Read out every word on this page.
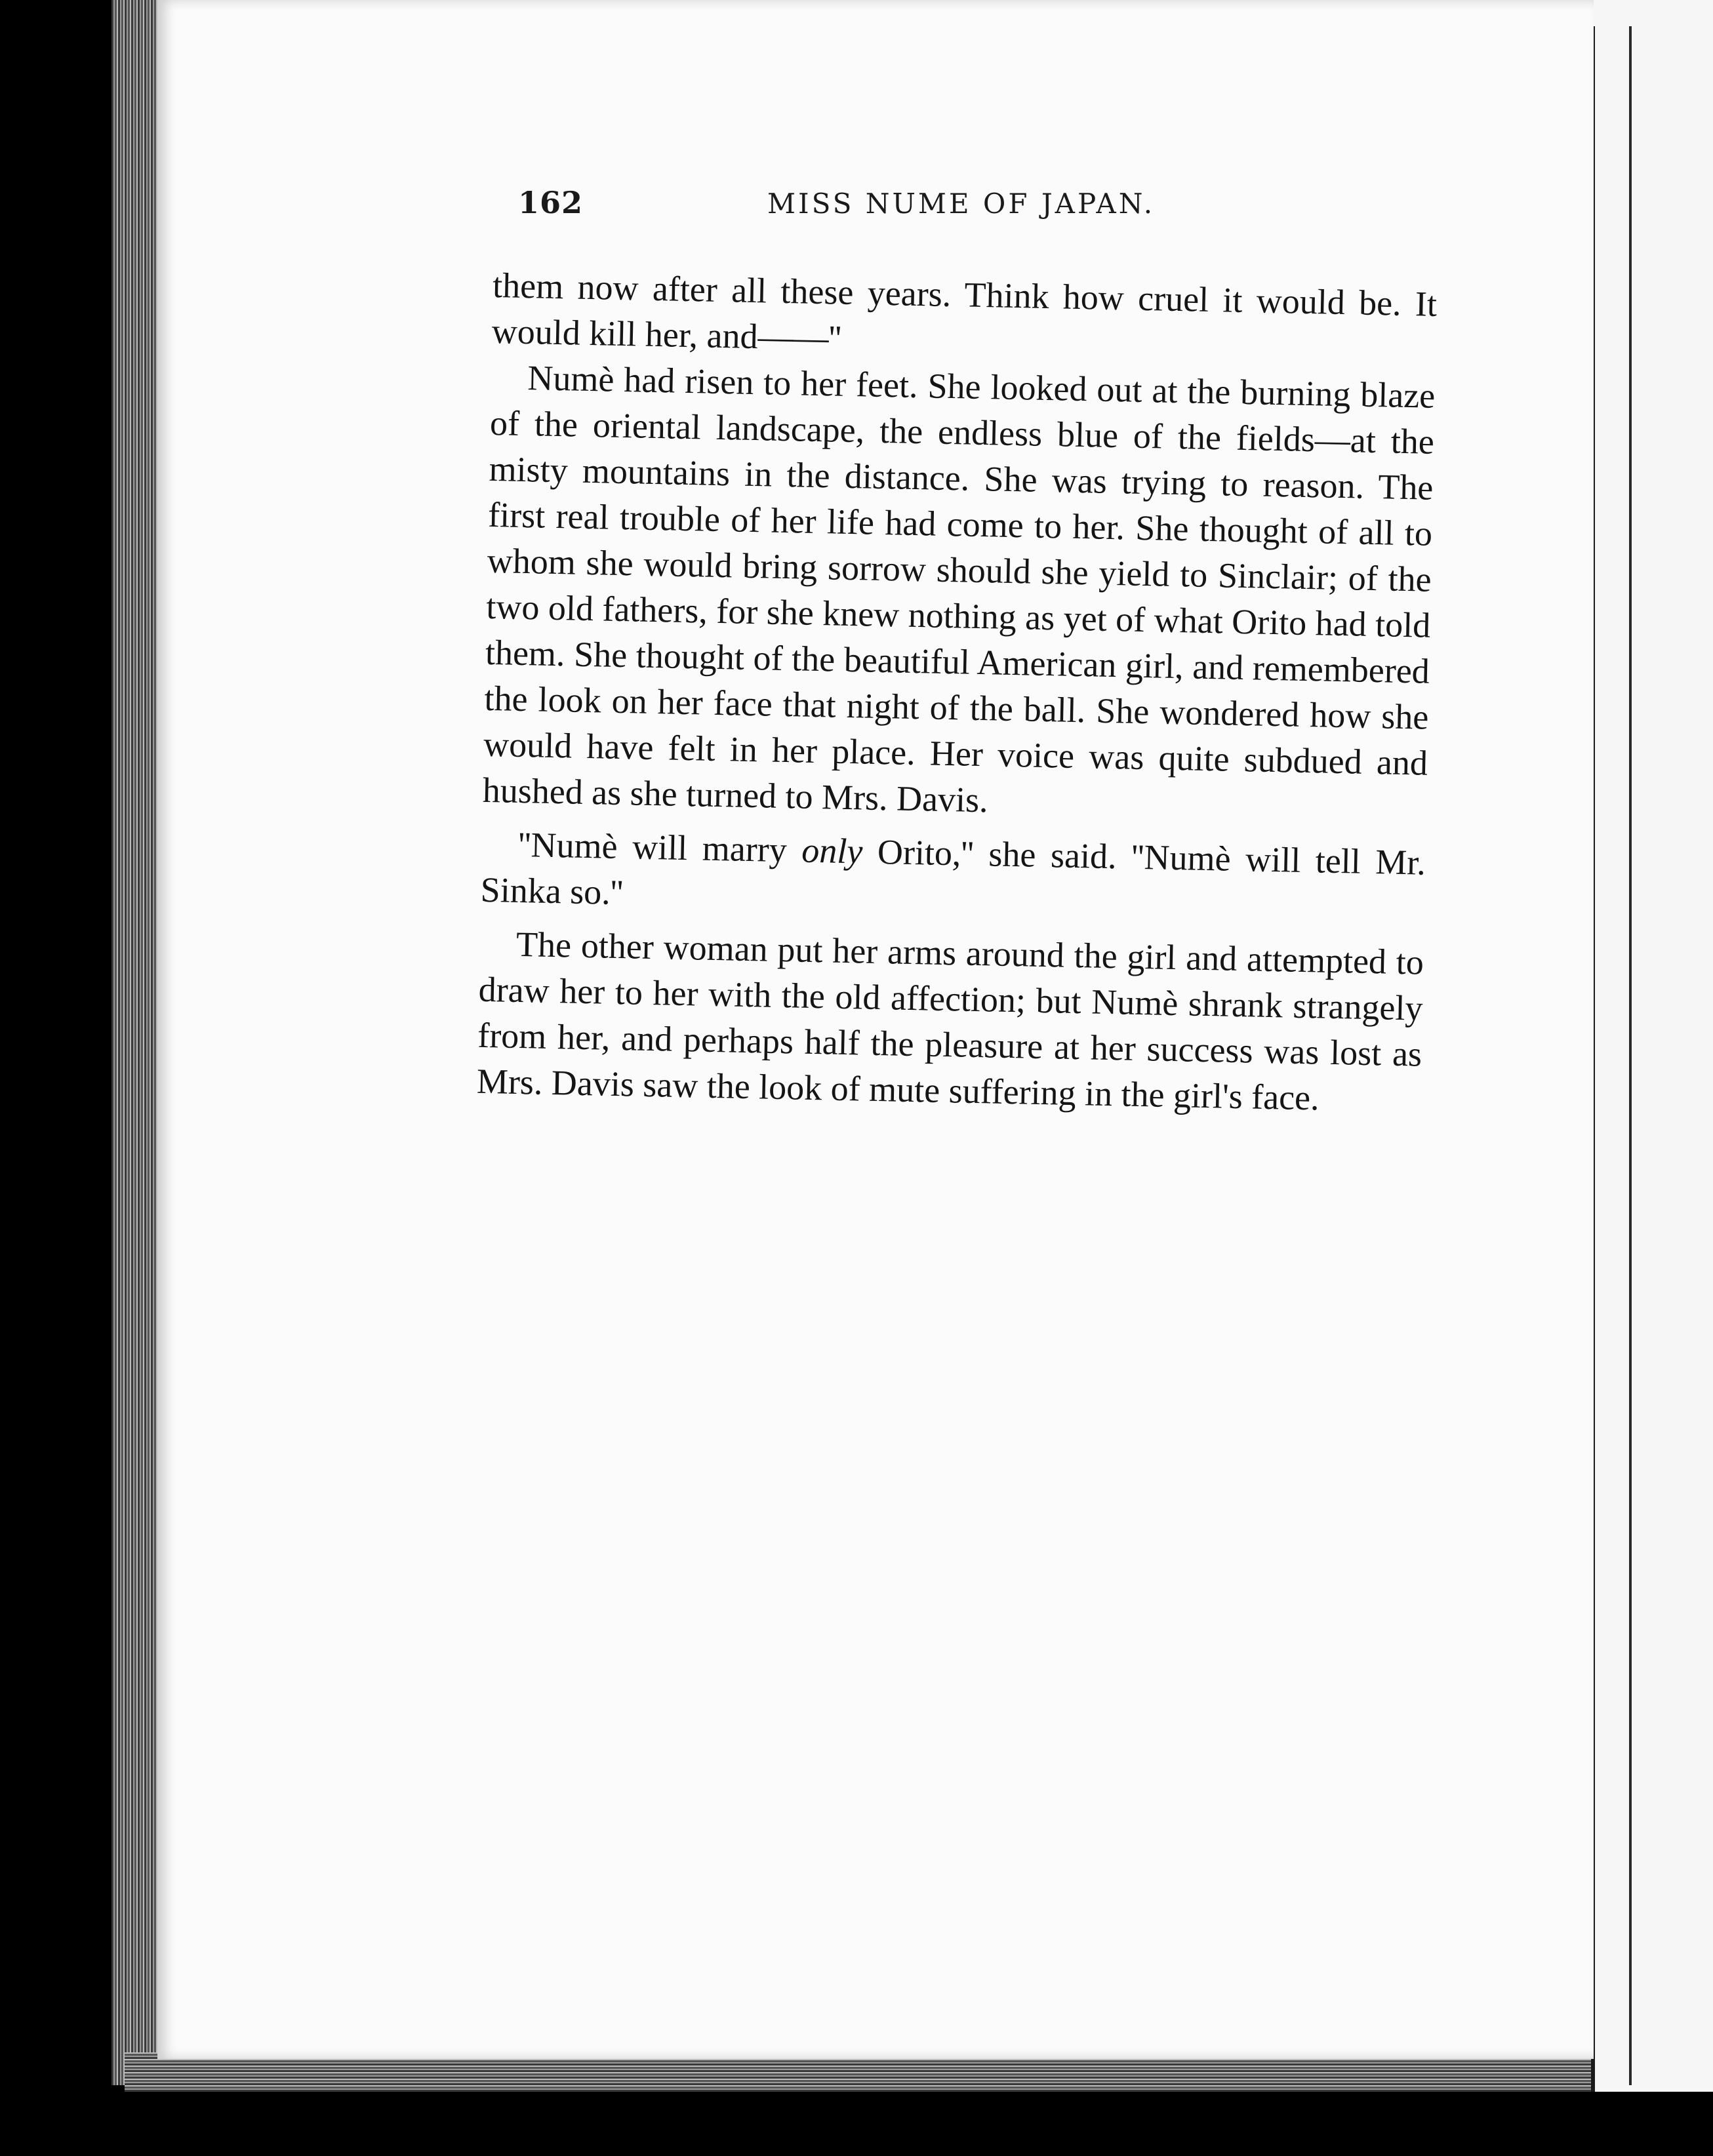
162	MISS NUME OF JAPAN.

them now after all these years. Think how cruel it would be. It would kill her, and——''

Numè had risen to her feet. She looked out at the burning blaze of the oriental landscape, the endless blue of the fields—at the misty mountains in the distance. She was trying to reason. The first real trouble of her life had come to her. She thought of all to whom she would bring sorrow should she yield to Sinclair; of the two old fathers, for she knew nothing as yet of what Orito had told them. She thought of the beautiful American girl, and remembered the look on her face that night of the ball. She wondered how she would have felt in her place. Her voice was quite subdued and hushed as she turned to Mrs. Davis.

''Numè will marry only Orito,'' she said. ''Numè will tell Mr. Sinka so.''

The other woman put her arms around the girl and attempted to draw her to her with the old affection; but Numè shrank strangely from her, and perhaps half the pleasure at her success was lost as Mrs. Davis saw the look of mute suffering in the girl's face.
